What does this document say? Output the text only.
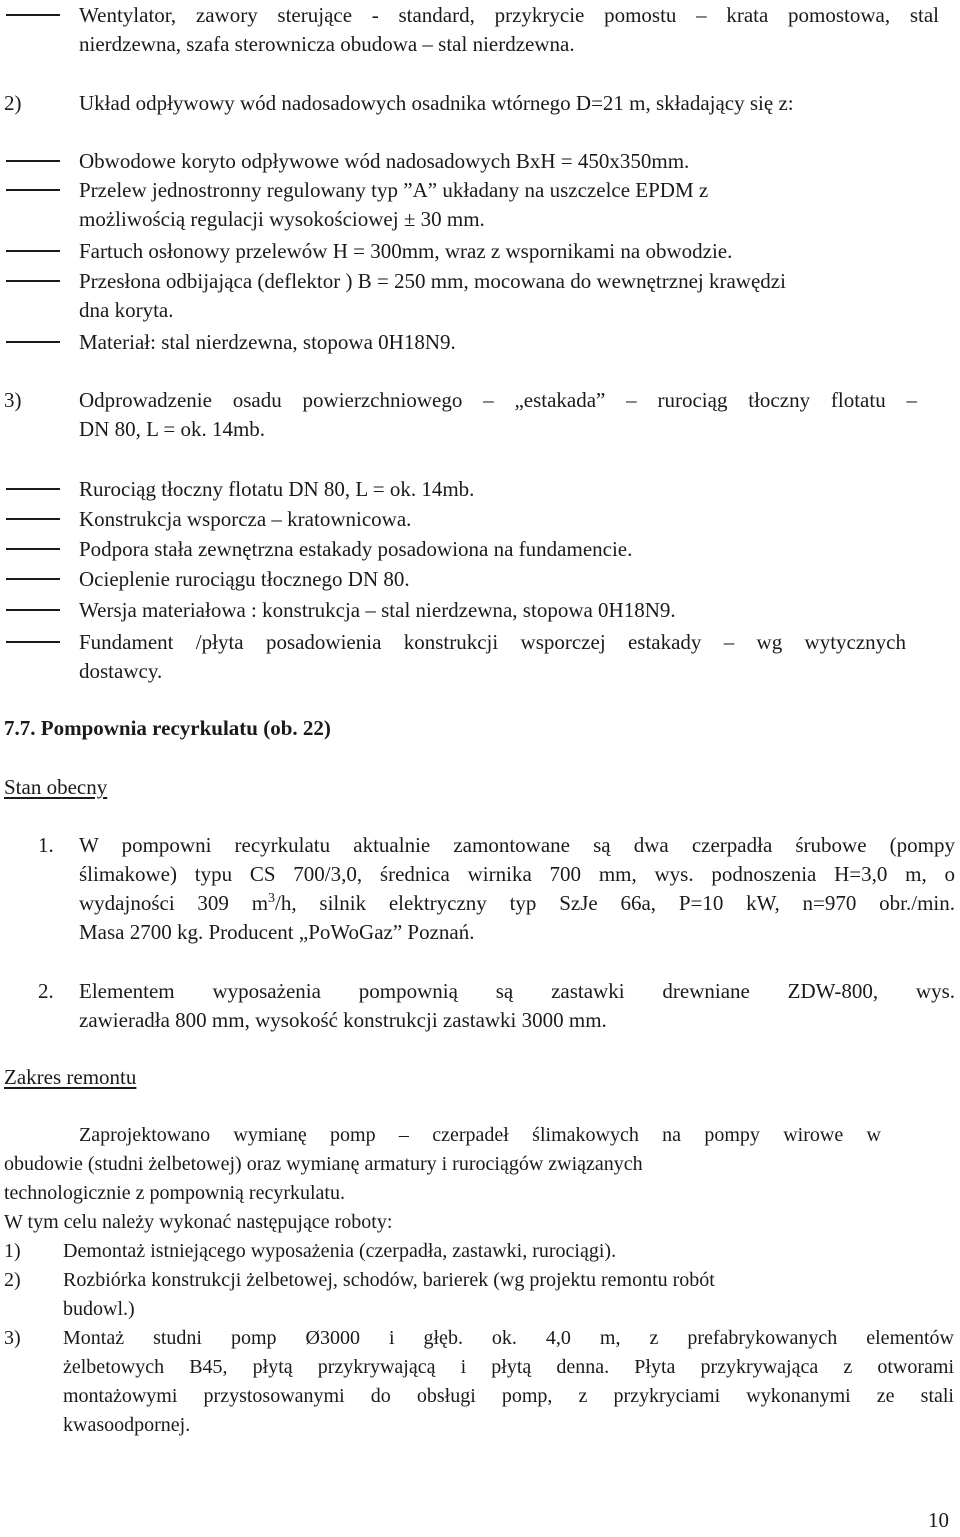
Wentylator, zawory sterujące - standard, przykrycie pomostu – krata pomostowa, stal
nierdzewna, szafa sterownicza obudowa – stal nierdzewna.
2)	Układ odpływowy wód nadosadowych osadnika wtórnego D=21 m, składający się z:
Obwodowe koryto odpływowe wód nadosadowych BxH = 450x350mm.
Przelew jednostronny regulowany typ ”A” układany na uszczelce EPDM z
możliwością regulacji wysokościowej ± 30 mm.
Fartuch osłonowy przelewów H = 300mm, wraz z wspornikami na obwodzie.
Przesłona odbijająca (deflektor ) B = 250 mm, mocowana do wewnętrznej krawędzi
dna koryta.
Materiał: stal nierdzewna, stopowa 0H18N9.
3)	Odprowadzenie osadu powierzchniowego – „estakada” – rurociąg tłoczny flotatu –
DN 80, L = ok. 14mb.
Rurociąg tłoczny flotatu DN 80, L = ok. 14mb.
Konstrukcja wsporcza – kratownicowa.
Podpora stała zewnętrzna estakady posadowiona na fundamencie.
Ocieplenie rurociągu tłocznego DN 80.
Wersja materiałowa : konstrukcja – stal nierdzewna, stopowa 0H18N9.
Fundament /płyta posadowienia konstrukcji wsporczej estakady – wg wytycznych
dostawcy.
7.7. Pompownia recyrkulatu (ob. 22)
Stan obecny
1. W pompowni recyrkulatu aktualnie zamontowane są dwa czerpadła śrubowe (pompy
ślimakowe) typu CS 700/3,0, średnica wirnika 700 mm, wys. podnoszenia H=3,0 m, o
wydajności 309 $m^3/h$, silnik elektryczny typ SzJe 66a, P=10 kW, n=970 obr./min.
Masa 2700 kg. Producent „PoWoGaz” Poznań.
2. Elementem wyposażenia pompownią są zastawki drewniane ZDW-800, wys.
zawieradła 800 mm, wysokość konstrukcji zastawki 3000 mm.
Zakres remontu
Zaprojektowano wymianę pomp – czerpadeł ślimakowych na pompy wirowe w
obudowie (studni żelbetowej) oraz wymianę armatury i rurociągów związanych
technologicznie z pompownią recyrkulatu.
W tym celu należy wykonać następujące roboty:
1) Demontaż istniejącego wyposażenia (czerpadła, zastawki, rurociągi).
2) Rozbiórka konstrukcji żelbetowej, schodów, barierek (wg projektu remontu robót
budowl.)
3) Montaż studni pomp Ø3000 i głęb. ok. 4,0 m, z prefabrykowanych elementów
żelbetowych B45, płytą przykrywającą i płytą denna. Płyta przykrywająca z otworami
montażowymi przystosowanymi do obsługi pomp, z przykryciami wykonanymi ze stali
kwasoodpornej.
10
